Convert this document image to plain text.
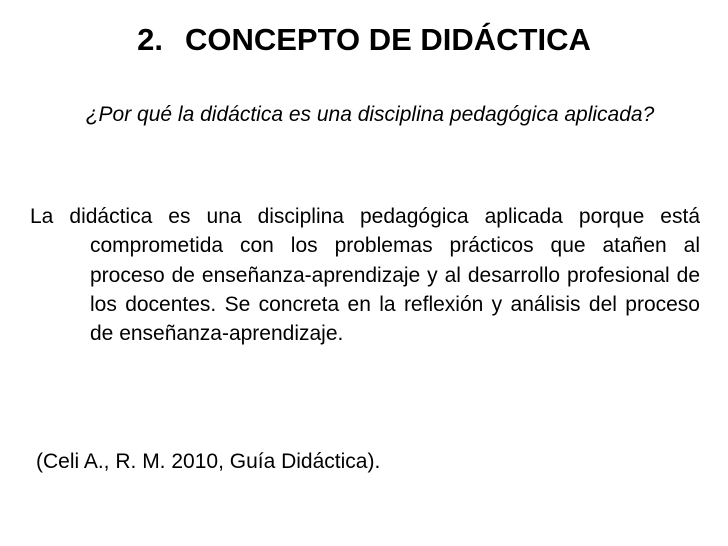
2. CONCEPTO DE DIDÁCTICA
¿Por qué la didáctica es una disciplina pedagógica aplicada?
La didáctica es una disciplina pedagógica aplicada porque está comprometida con los problemas prácticos que atañen al proceso de enseñanza-aprendizaje y al desarrollo profesional de los docentes. Se concreta en la reflexión y análisis del proceso de enseñanza-aprendizaje.
(Celi A., R. M. 2010, Guía Didáctica).
